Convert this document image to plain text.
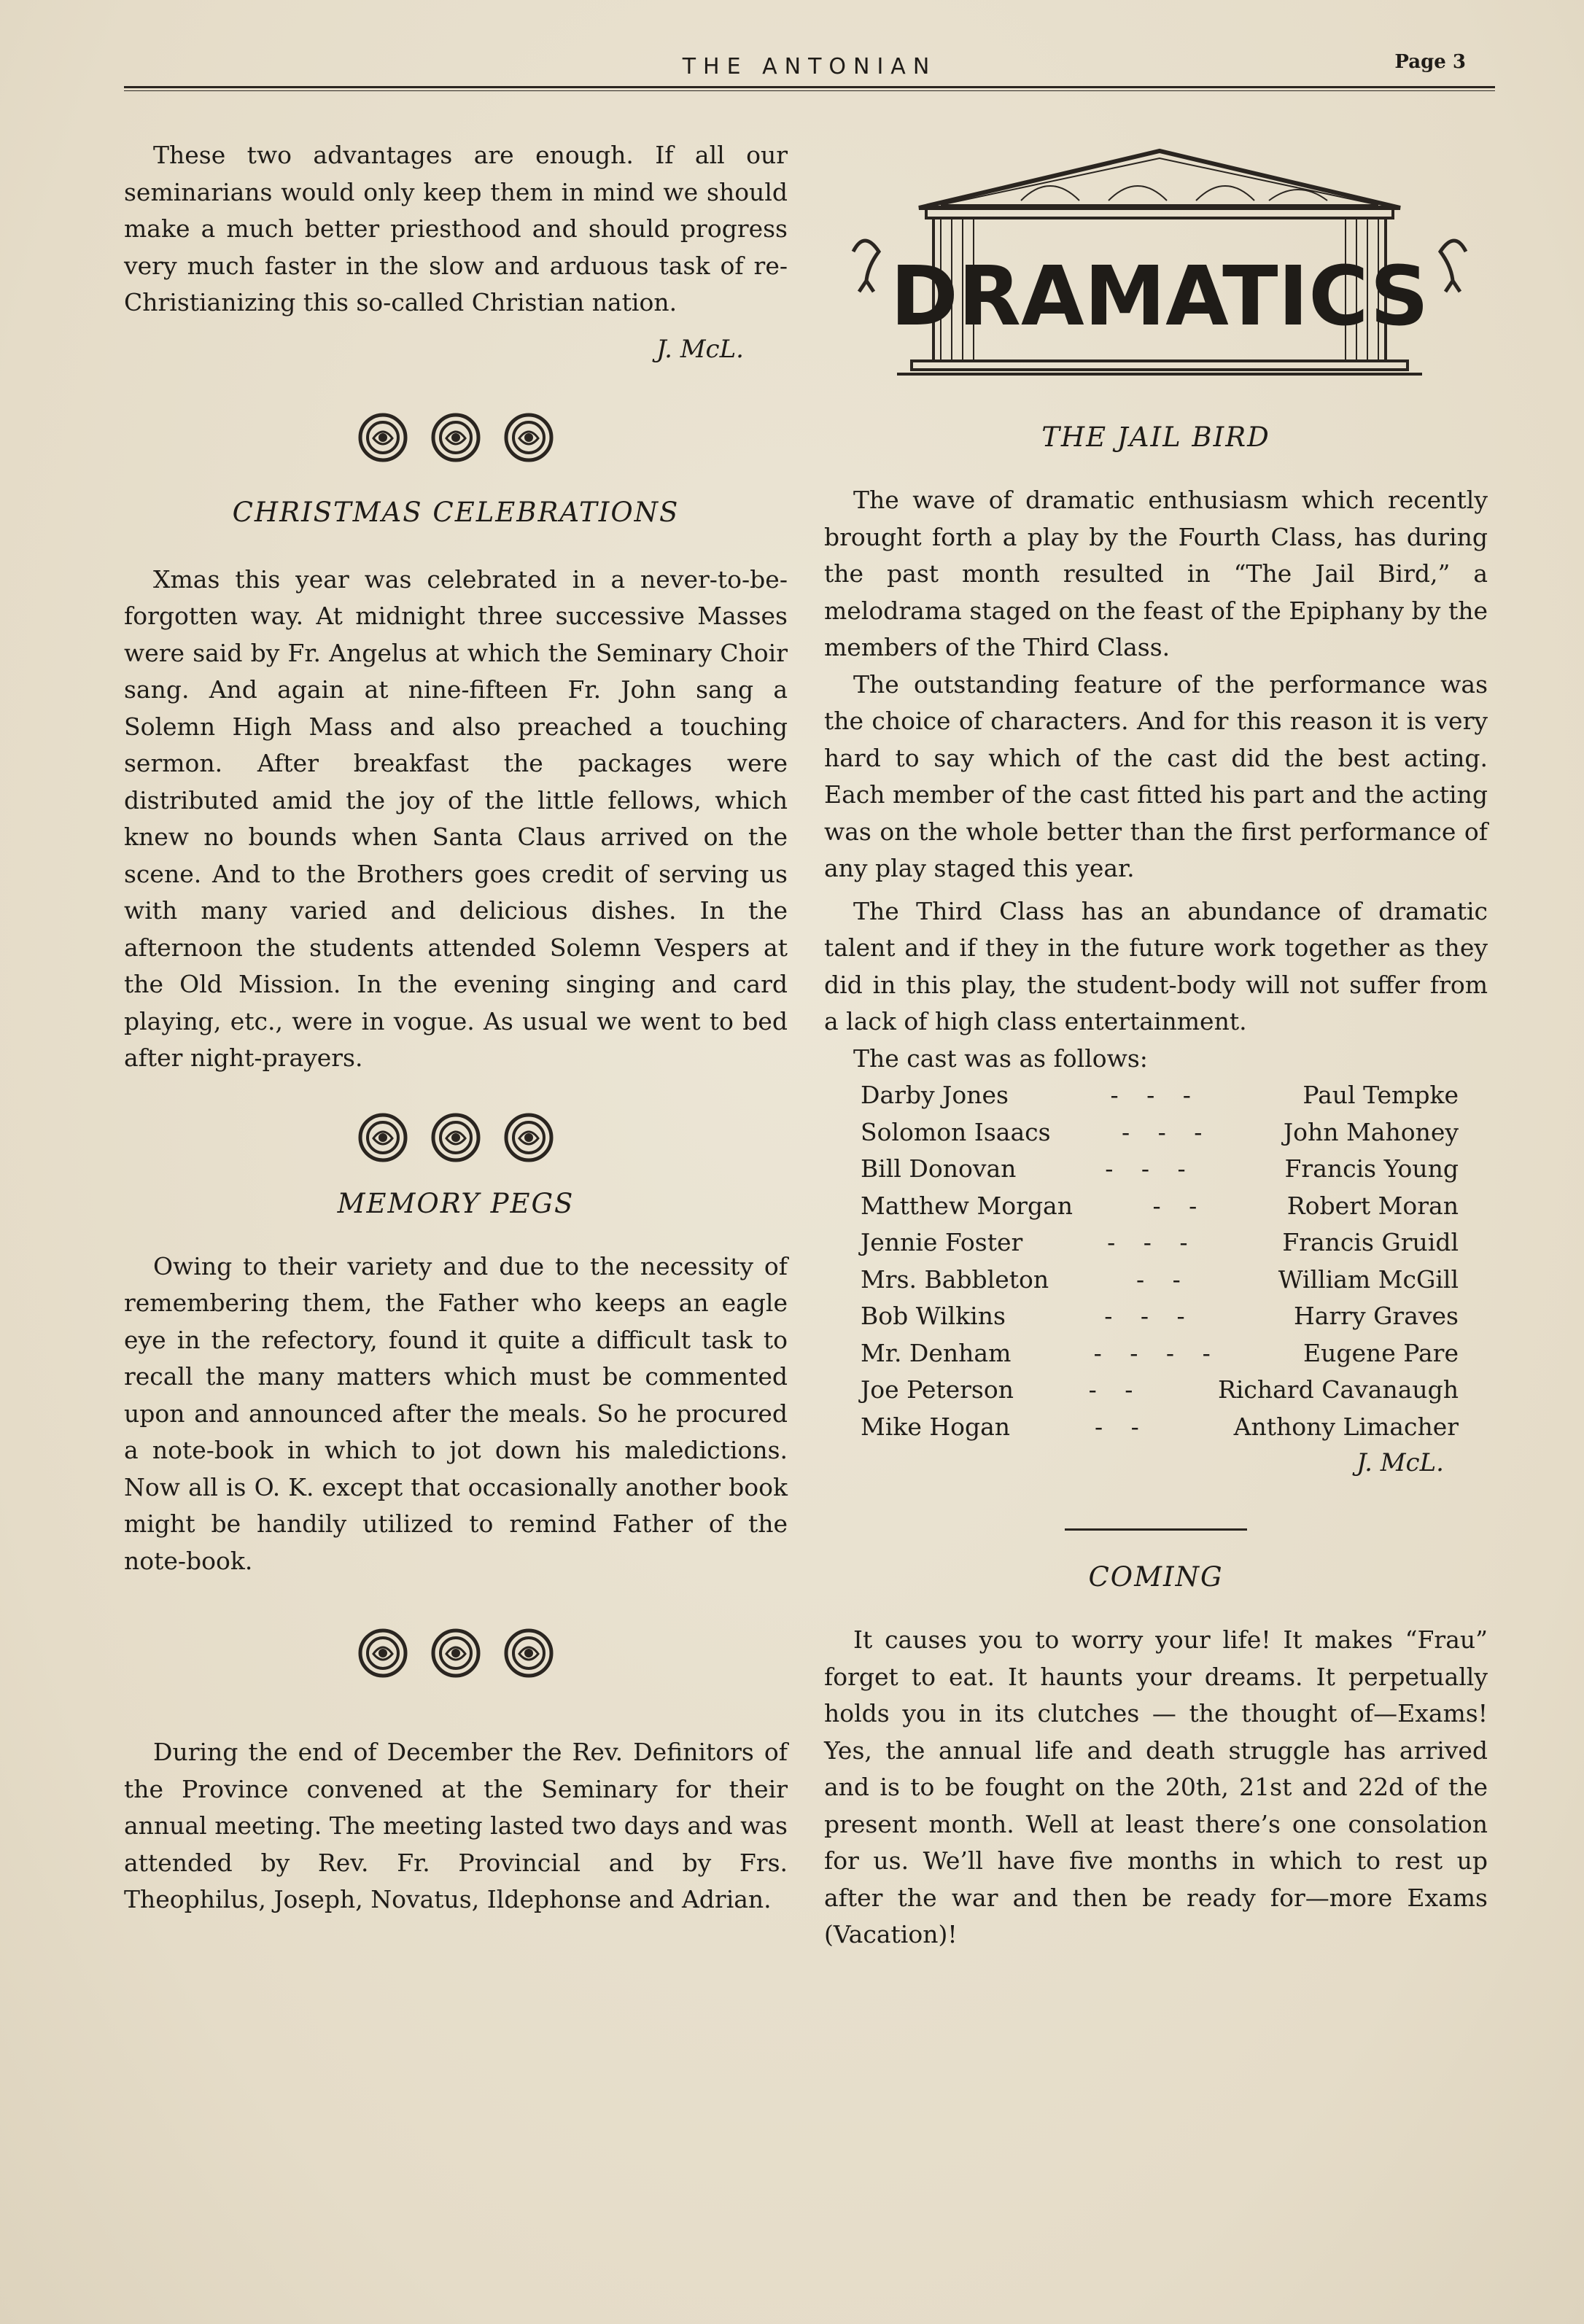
THE ANTONIAN	Page 3

These two advantages are enough. If all our seminarians would only keep them in mind we should make a much better priesthood and should progress very much faster in the slow and arduous task of re-Christianizing this so-called Christian nation.

J. McL.
CHRISTMAS CELEBRATIONS

Xmas this year was celebrated in a never-to-be-forgotten way. At midnight three successive Masses were said by Fr. Angelus at which the Seminary Choir sang. And again at nine-fifteen Fr. John sang a Solemn High Mass and also preached a touching sermon. After breakfast the packages were distributed amid the joy of the little fellows, which knew no bounds when Santa Claus arrived on the scene. And to the Brothers goes credit of serving us with many varied and delicious dishes. In the afternoon the students attended Solemn Vespers at the Old Mission. In the evening singing and card playing, etc., were in vogue. As usual we went to bed after night-prayers.

MEMORY PEGS

Owing to their variety and due to the necessity of remembering them, the Father who keeps an eagle eye in the refectory, found it quite a difficult task to recall the many matters which must be commented upon and announced after the meals. So he procured a note-book in which to jot down his maledictions. Now all is O. K. except that occasionally another book might be handily utilized to remind Father of the note-book.

During the end of December the Rev. Definitors of the Province convened at the Seminary for their annual meeting. The meeting lasted two days and was attended by Rev. Fr. Provincial and by Frs. Theophilus, Joseph, Novatus, Ildephonse and Adrian.

DRAMATICS
THE JAIL BIRD

The wave of dramatic enthusiasm which recently brought forth a play by the Fourth Class, has during the past month resulted in “The Jail Bird,” a melodrama staged on the feast of the Epiphany by the members of the Third Class.

The outstanding feature of the performance was the choice of characters. And for this reason it is very hard to say which of the cast did the best acting. Each member of the cast fitted his part and the acting was on the whole better than the first performance of any play staged this year.

The Third Class has an abundance of dramatic talent and if they in the future work together as they did in this play, the student-body will not suffer from a lack of high class entertainment.

The cast was as follows:

Darby Jones	- - -	Paul Tempke
Solomon Isaacs	- - -	John Mahoney
Bill Donovan	- - -	Francis Young
Matthew Morgan	- -	Robert Moran
Jennie Foster	- - -	Francis Gruidl
Mrs. Babbleton	- -	William McGill
Bob Wilkins	- - -	Harry Graves
Mr. Denham	- - - -	Eugene Pare
Joe Peterson	- -	Richard Cavanaugh
Mike Hogan	- -	Anthony Limacher
J. McL.
COMING

It causes you to worry your life! It makes “Frau” forget to eat. It haunts your dreams. It perpetually holds you in its clutches — the thought of—Exams! Yes, the annual life and death struggle has arrived and is to be fought on the 20th, 21st and 22d of the present month. Well at least there’s one consolation for us. We’ll have five months in which to rest up after the war and then be ready for—more Exams (Vacation)!
